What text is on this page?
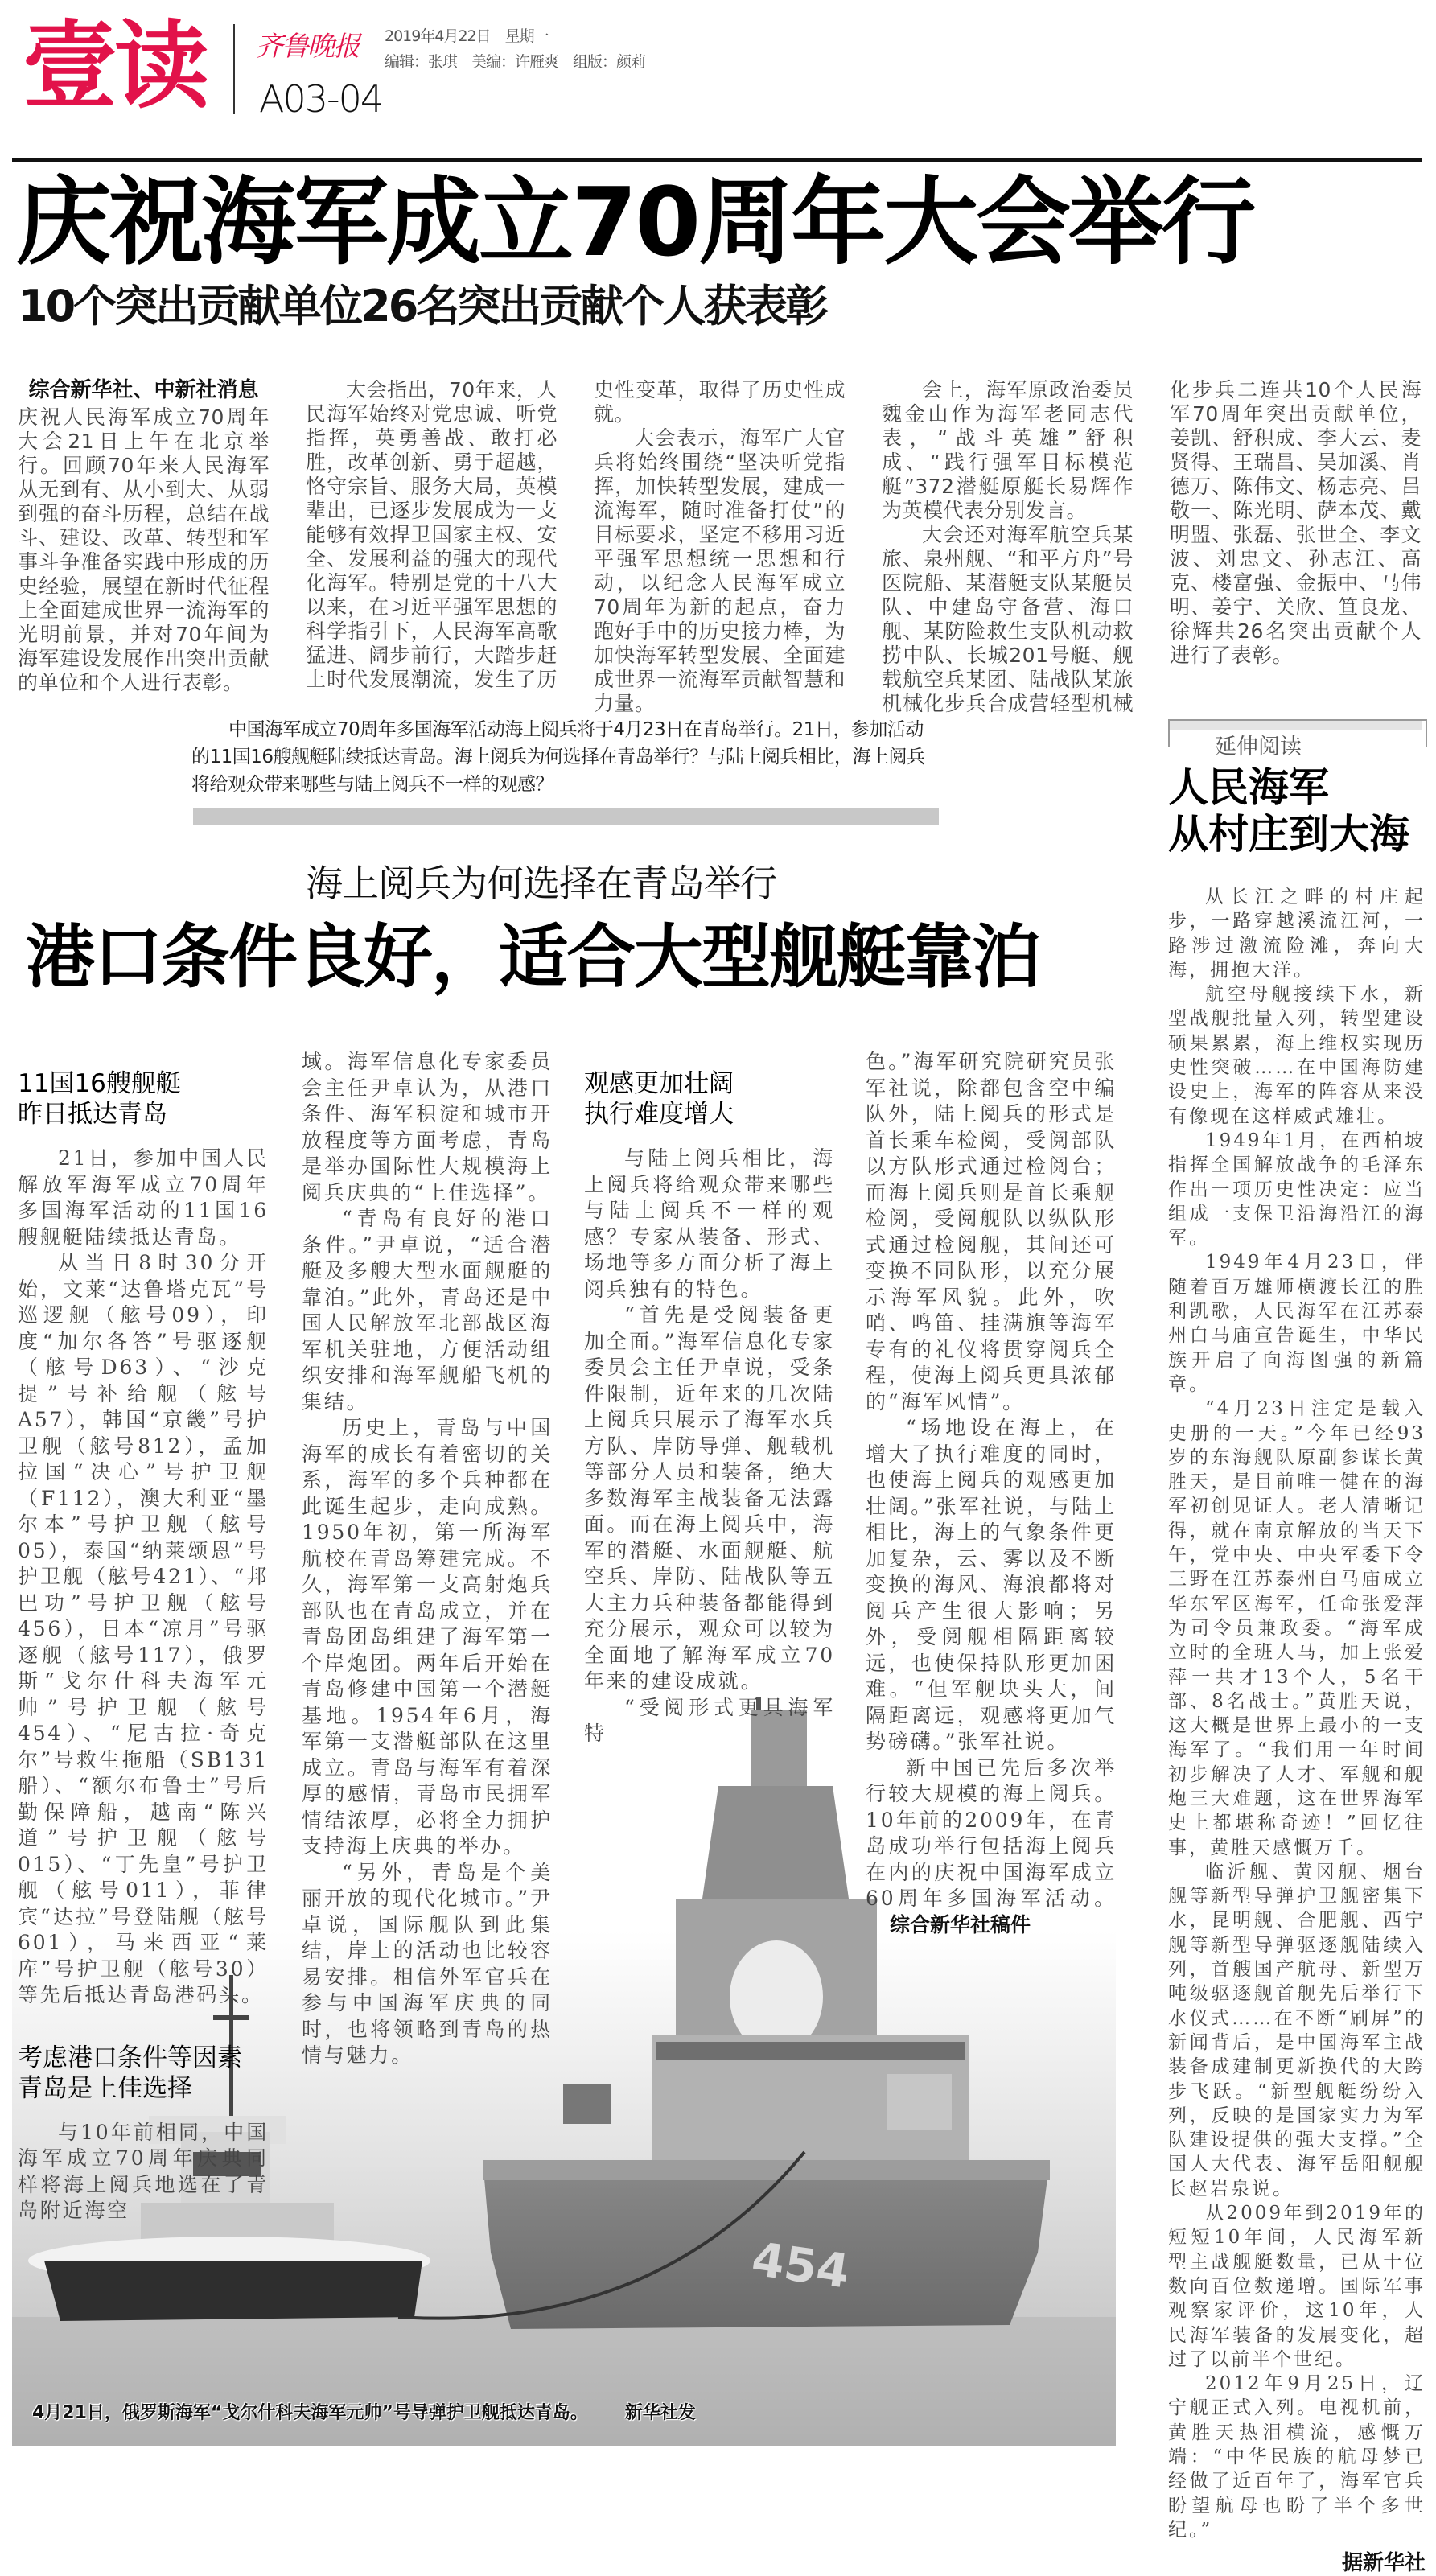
壹读 齐鲁晚报 2019年4月22日 星期一
编辑：张琪 美编：许雁爽 组版：颜莉
A03-04
庆祝海军成立70周年大会举行
10个突出贡献单位26名突出贡献个人获表彰
综合新华社、中新社消息

庆祝人民海军成立70周年大会21日上午在北京举行。回顾70年来人民海军从无到有、从小到大、从弱到强的奋斗历程，总结在战斗、建设、改革、转型和军事斗争准备实践中形成的历史经验，展望在新时代征程上全面建成世界一流海军的光明前景，并对70年间为海军建设发展作出突出贡献的单位和个人进行表彰。

大会指出，70年来，人民海军始终对党忠诚、听党指挥，英勇善战、敢打必胜，改革创新、勇于超越，恪守宗旨、服务大局，英模辈出，已逐步发展成为一支能够有效捍卫国家主权、安全、发展利益的强大的现代化海军。特别是党的十八大以来，在习近平强军思想的科学指引下，人民海军高歌猛进、阔步前行，大踏步赶上时代发展潮流，发生了历史性变革，取得了历史性成就。

大会表示，海军广大官兵将始终围绕“坚决听党指挥，加快转型发展，建成一流海军，随时准备打仗”的目标要求，坚定不移用习近平强军思想统一思想和行动，以纪念人民海军成立70周年为新的起点，奋力跑好手中的历史接力棒，为加快海军转型发展、全面建成世界一流海军贡献智慧和力量。

会上，海军原政治委员魏金山作为海军老同志代表，“战斗英雄”舒积成、“践行强军目标模范艇”372潜艇原艇长易辉作为英模代表分别发言。

大会还对海军航空兵某旅、泉州舰、“和平方舟”号医院船、某潜艇支队某艇员队、中建岛守备营、海口舰、某防险救生支队机动救捞中队、长城201号艇、舰载航空兵某团、陆战队某旅机械化步兵合成营轻型机械化步兵二连共10个人民海军70周年突出贡献单位，姜凯、舒积成、李大云、麦贤得、王瑞昌、吴加溪、肖德万、陈伟文、杨志亮、吕敬一、陈光明、萨本茂、戴明盟、张磊、张世全、李文波、刘忠文、孙志江、高克、楼富强、金振中、马伟明、姜宁、关欣、笪良龙、徐辉共26名突出贡献个人进行了表彰。

中国海军成立70周年多国海军活动海上阅兵将于4月23日在青岛举行。21日，参加活动的11国16艘舰艇陆续抵达青岛。海上阅兵为何选择在青岛举行？与陆上阅兵相比，海上阅兵将给观众带来哪些与陆上阅兵不一样的观感？
海上阅兵为何选择在青岛举行
港口条件良好，适合大型舰艇靠泊
454
4月21日，俄罗斯海军“戈尔什科夫海军元帅”号导弹护卫舰抵达青岛。 新华社发
11国16艘舰艇
昨日抵达青岛

21日，参加中国人民解放军海军成立70周年多国海军活动的11国16艘舰艇陆续抵达青岛。

从当日8时30分开始，文莱“达鲁塔克瓦”号巡逻舰（舷号09），印度“加尔各答”号驱逐舰（舷号D63）、“沙克提”号补给舰（舷号A57），韩国“京畿”号护卫舰（舷号812），孟加拉国“决心”号护卫舰（F112），澳大利亚“墨尔本”号护卫舰（舷号05），泰国“纳莱颂恩”号护卫舰（舷号421）、“邦巴功”号护卫舰（舷号456），日本“凉月”号驱逐舰（舷号117），俄罗斯“戈尔什科夫海军元帅”号护卫舰（舷号454）、“尼古拉·奇克尔”号救生拖船（SB131船）、“额尔布鲁士”号后勤保障船，越南“陈兴道”号护卫舰（舷号015）、“丁先皇”号护卫舰（舷号011），菲律宾“达拉”号登陆舰（舷号601），马来西亚“莱库”号护卫舰（舷号30）等先后抵达青岛港码头。

考虑港口条件等因素
青岛是上佳选择

与10年前相同，中国海军成立70周年庆典同样将海上阅兵地选在了青岛附近海空

域。海军信息化专家委员会主任尹卓认为，从港口条件、海军积淀和城市开放程度等方面考虑，青岛是举办国际性大规模海上阅兵庆典的“上佳选择”。

“青岛有良好的港口条件。”尹卓说，“适合潜艇及多艘大型水面舰艇的靠泊。”此外，青岛还是中国人民解放军北部战区海军机关驻地，方便活动组织安排和海军舰船飞机的集结。

历史上，青岛与中国海军的成长有着密切的关系，海军的多个兵种都在此诞生起步，走向成熟。1950年初，第一所海军航校在青岛筹建完成。不久，海军第一支高射炮兵部队也在青岛成立，并在青岛团岛组建了海军第一个岸炮团。两年后开始在青岛修建中国第一个潜艇基地。1954年6月，海军第一支潜艇部队在这里成立。青岛与海军有着深厚的感情，青岛市民拥军情结浓厚，必将全力拥护支持海上庆典的举办。

“另外，青岛是个美丽开放的现代化城市。”尹卓说，国际舰队到此集结，岸上的活动也比较容易安排。相信外军官兵在参与中国海军庆典的同时，也将领略到青岛的热情与魅力。

观感更加壮阔
执行难度增大

与陆上阅兵相比，海上阅兵将给观众带来哪些与陆上阅兵不一样的观感？专家从装备、形式、场地等多方面分析了海上阅兵独有的特色。

“首先是受阅装备更加全面。”海军信息化专家委员会主任尹卓说，受条件限制，近年来的几次陆上阅兵只展示了海军水兵方队、岸防导弹、舰载机等部分人员和装备，绝大多数海军主战装备无法露面。而在海上阅兵中，海军的潜艇、水面舰艇、航空兵、岸防、陆战队等五大主力兵种装备都能得到充分展示，观众可以较为全面地了解海军成立70年来的建设成就。

“受阅形式更具海军特

色。”海军研究院研究员张军社说，除都包含空中编队外，陆上阅兵的形式是首长乘车检阅，受阅部队以方队形式通过检阅台；而海上阅兵则是首长乘舰检阅，受阅舰队以纵队形式通过检阅舰，其间还可变换不同队形，以充分展示海军风貌。此外，吹哨、鸣笛、挂满旗等海军专有的礼仪将贯穿阅兵全程，使海上阅兵更具浓郁的“海军风情”。

“场地设在海上，在增大了执行难度的同时，也使海上阅兵的观感更加壮阔。”张军社说，与陆上相比，海上的气象条件更加复杂，云、雾以及不断变换的海风、海浪都将对阅兵产生很大影响；另外，受阅舰相隔距离较远，也使保持队形更加困难。“但军舰块头大，间隔距离远，观感将更加气势磅礴。”张军社说。

新中国已先后多次举行较大规模的海上阅兵。10年前的2009年，在青岛成功举行包括海上阅兵在内的庆祝中国海军成立60周年多国海军活动。综合新华社稿件

延伸阅读
人民海军
从村庄到大海

从长江之畔的村庄起步，一路穿越溪流江河，一路涉过激流险滩，奔向大海，拥抱大洋。

航空母舰接续下水，新型战舰批量入列，转型建设硕果累累，海上维权实现历史性突破……在中国海防建设史上，海军的阵容从来没有像现在这样威武雄壮。

1949年1月，在西柏坡指挥全国解放战争的毛泽东作出一项历史性决定：应当组成一支保卫沿海沿江的海军。

1949年4月23日，伴随着百万雄师横渡长江的胜利凯歌，人民海军在江苏泰州白马庙宣告诞生，中华民族开启了向海图强的新篇章。

“4月23日注定是载入史册的一天。”今年已经93岁的东海舰队原副参谋长黄胜天，是目前唯一健在的海军初创见证人。老人清晰记得，就在南京解放的当天下午，党中央、中央军委下令三野在江苏泰州白马庙成立华东军区海军，任命张爱萍为司令员兼政委。“海军成立时的全班人马，加上张爱萍一共才13个人，5名干部、8名战士。”黄胜天说，这大概是世界上最小的一支海军了。“我们用一年时间初步解决了人才、军舰和舰炮三大难题，这在世界海军史上都堪称奇迹！”回忆往事，黄胜天感慨万千。

临沂舰、黄冈舰、烟台舰等新型导弹护卫舰密集下水，昆明舰、合肥舰、西宁舰等新型导弹驱逐舰陆续入列，首艘国产航母、新型万吨级驱逐舰首舰先后举行下水仪式……在不断“刷屏”的新闻背后，是中国海军主战装备成建制更新换代的大跨步飞跃。“新型舰艇纷纷入列，反映的是国家实力为军队建设提供的强大支撑。”全国人大代表、海军岳阳舰舰长赵岩泉说。

从2009年到2019年的短短10年间，人民海军新型主战舰艇数量，已从十位数向百位数递增。国际军事观察家评价，这10年，人民海军装备的发展变化，超过了以前半个世纪。

2012年9月25日，辽宁舰正式入列。电视机前，黄胜天热泪横流，感慨万端：“中华民族的航母梦已经做了近百年了，海军官兵盼望航母也盼了半个多世纪。”

据新华社
